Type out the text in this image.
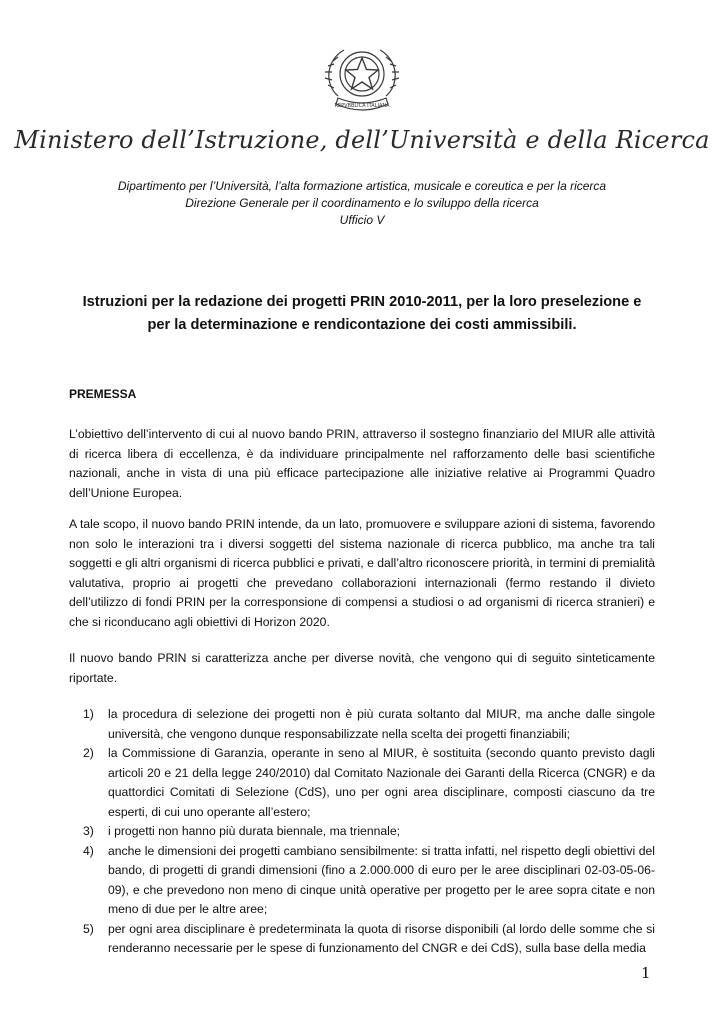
REPVBBLICA ITALIANA
Ministero dell’Istruzione, dell’Università e della Ricerca
Dipartimento per l’Università, l’alta formazione artistica, musicale e coreutica e per la ricerca
Direzione Generale per il coordinamento e lo sviluppo della ricerca
Ufficio V
Istruzioni per la redazione dei progetti PRIN 2010-2011, per la loro preselezione e
per la determinazione e rendicontazione dei costi ammissibili.
PREMESSA
L’obiettivo dell’intervento di cui al nuovo bando PRIN, attraverso il sostegno finanziario del MIUR alle attività di ricerca libera di eccellenza, è da individuare principalmente nel rafforzamento delle basi scientifiche nazionali, anche in vista di una più efficace partecipazione alle iniziative relative ai Programmi Quadro dell’Unione Europea.
A tale scopo, il nuovo bando PRIN intende, da un lato, promuovere e sviluppare azioni di sistema, favorendo non solo le interazioni tra i diversi soggetti del sistema nazionale di ricerca pubblico, ma anche tra tali soggetti e gli altri organismi di ricerca pubblici e privati, e dall’altro riconoscere priorità, in termini di premialità valutativa, proprio ai progetti che prevedano collaborazioni internazionali (fermo restando il divieto dell’utilizzo di fondi PRIN per la corresponsione di compensi a studiosi o ad organismi di ricerca stranieri) e che si riconducano agli obiettivi di Horizon 2020.
Il nuovo bando PRIN si caratterizza anche per diverse novità, che vengono qui di seguito sinteticamente riportate.
1) la procedura di selezione dei progetti non è più curata soltanto dal MIUR, ma anche dalle singole università, che vengono dunque responsabilizzate nella scelta dei progetti finanziabili;
2) la Commissione di Garanzia, operante in seno al MIUR, è sostituita (secondo quanto previsto dagli articoli 20 e 21 della legge 240/2010) dal Comitato Nazionale dei Garanti della Ricerca (CNGR) e da quattordici Comitati di Selezione (CdS), uno per ogni area disciplinare, composti ciascuno da tre esperti, di cui uno operante all’estero;
3) i progetti non hanno più durata biennale, ma triennale;
4) anche le dimensioni dei progetti cambiano sensibilmente: si tratta infatti, nel rispetto degli obiettivi del bando, di progetti di grandi dimensioni (fino a 2.000.000 di euro per le aree disciplinari 02-03-05-06-09), e che prevedono non meno di cinque unità operative per progetto per le aree sopra citate e non meno di due per le altre aree;
5) per ogni area disciplinare è predeterminata la quota di risorse disponibili (al lordo delle somme che si renderanno necessarie per le spese di funzionamento del CNGR e dei CdS), sulla base della media
1
